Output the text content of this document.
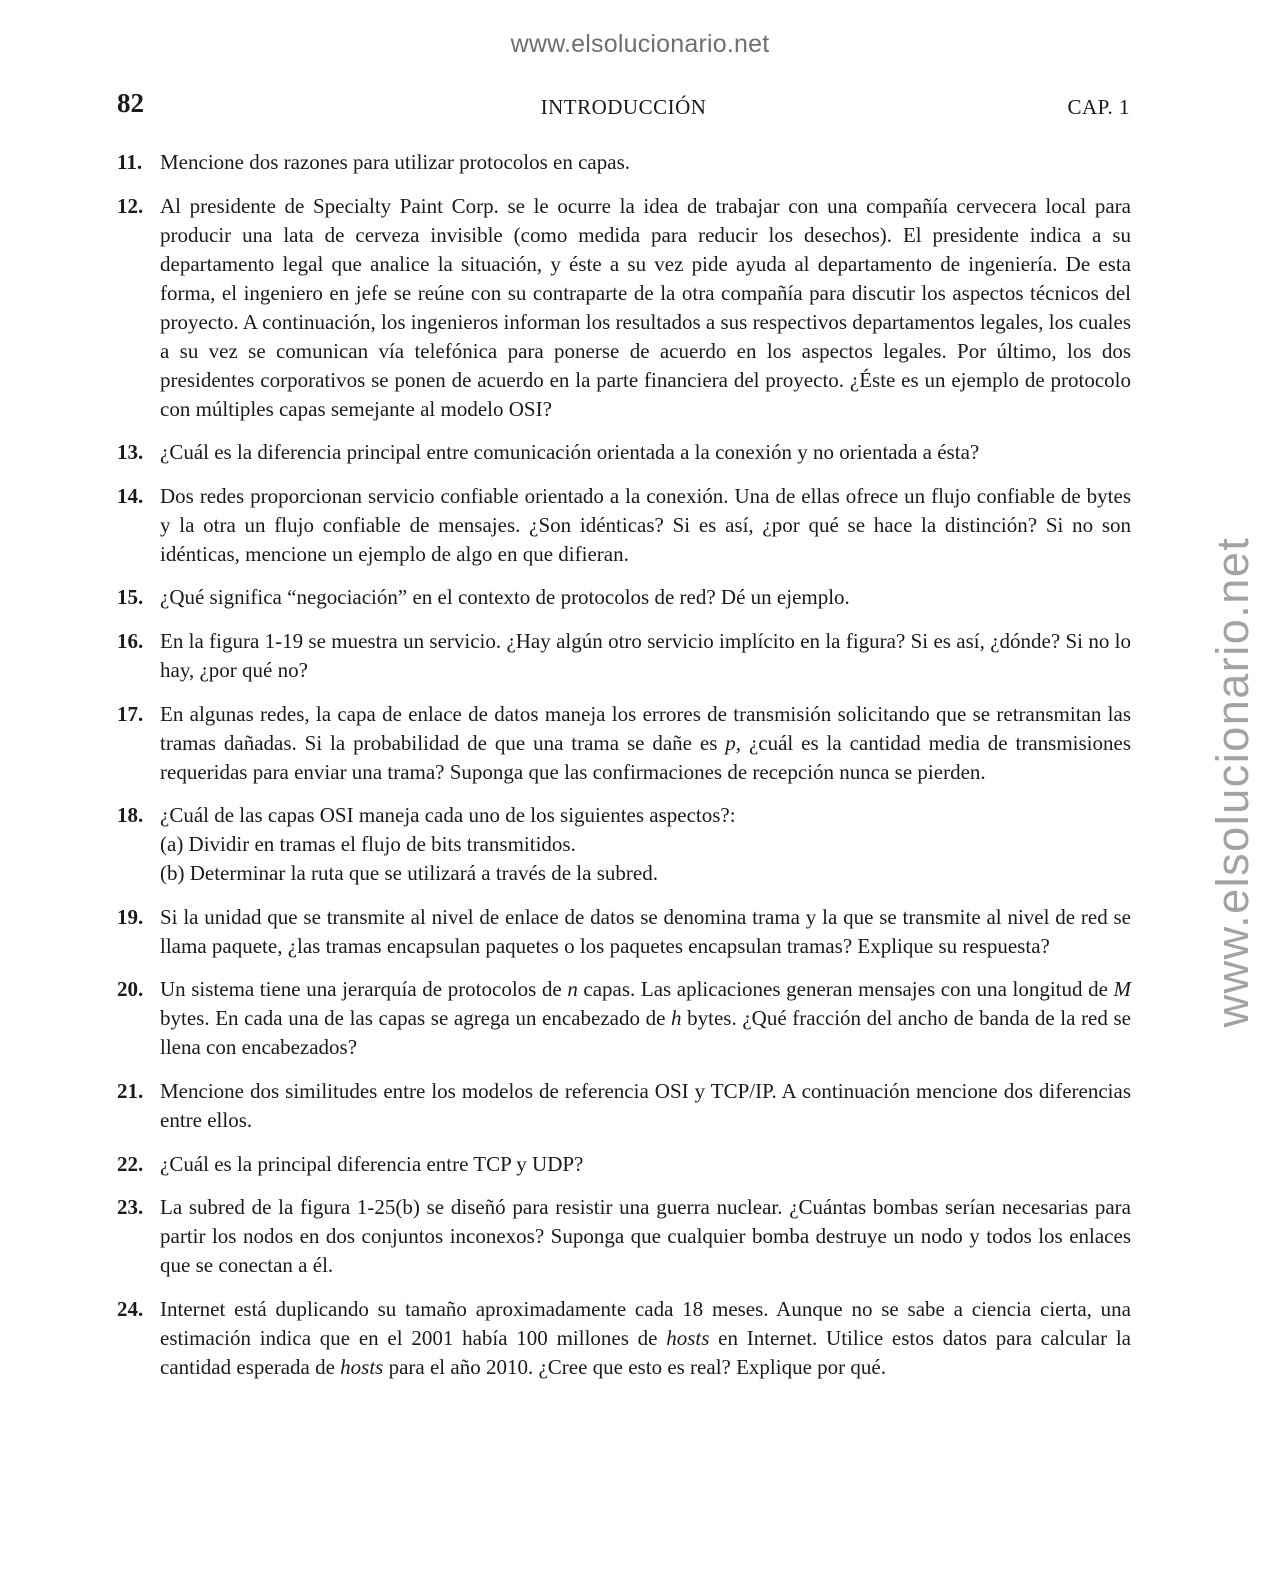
www.elsolucionario.net
www.elsolucionario.net
82	INTRODUCCIÓN	CAP. 1
11. Mencione dos razones para utilizar protocolos en capas.
12. Al presidente de Specialty Paint Corp. se le ocurre la idea de trabajar con una compañía cervecera local para producir una lata de cerveza invisible (como medida para reducir los desechos). El presidente indica a su departamento legal que analice la situación, y éste a su vez pide ayuda al departamento de ingeniería. De esta forma, el ingeniero en jefe se reúne con su contraparte de la otra compañía para discutir los aspectos técnicos del proyecto. A continuación, los ingenieros informan los resultados a sus respectivos departamentos legales, los cuales a su vez se comunican vía telefónica para ponerse de acuerdo en los aspectos legales. Por último, los dos presidentes corporativos se ponen de acuerdo en la parte financiera del proyecto. ¿Éste es un ejemplo de protocolo con múltiples capas semejante al modelo OSI?
13. ¿Cuál es la diferencia principal entre comunicación orientada a la conexión y no orientada a ésta?
14. Dos redes proporcionan servicio confiable orientado a la conexión. Una de ellas ofrece un flujo confiable de bytes y la otra un flujo confiable de mensajes. ¿Son idénticas? Si es así, ¿por qué se hace la distinción? Si no son idénticas, mencione un ejemplo de algo en que difieran.
15. ¿Qué significa “negociación” en el contexto de protocolos de red? Dé un ejemplo.
16. En la figura 1-19 se muestra un servicio. ¿Hay algún otro servicio implícito en la figura? Si es así, ¿dónde? Si no lo hay, ¿por qué no?
17. En algunas redes, la capa de enlace de datos maneja los errores de transmisión solicitando que se retransmitan las tramas dañadas. Si la probabilidad de que una trama se dañe es p, ¿cuál es la cantidad media de transmisiones requeridas para enviar una trama? Suponga que las confirmaciones de recepción nunca se pierden.
18. ¿Cuál de las capas OSI maneja cada uno de los siguientes aspectos?:
(a) Dividir en tramas el flujo de bits transmitidos.
(b) Determinar la ruta que se utilizará a través de la subred.
19. Si la unidad que se transmite al nivel de enlace de datos se denomina trama y la que se transmite al nivel de red se llama paquete, ¿las tramas encapsulan paquetes o los paquetes encapsulan tramas? Explique su respuesta?
20. Un sistema tiene una jerarquía de protocolos de n capas. Las aplicaciones generan mensajes con una longitud de M bytes. En cada una de las capas se agrega un encabezado de h bytes. ¿Qué fracción del ancho de banda de la red se llena con encabezados?
21. Mencione dos similitudes entre los modelos de referencia OSI y TCP/IP. A continuación mencione dos diferencias entre ellos.
22. ¿Cuál es la principal diferencia entre TCP y UDP?
23. La subred de la figura 1-25(b) se diseñó para resistir una guerra nuclear. ¿Cuántas bombas serían necesarias para partir los nodos en dos conjuntos inconexos? Suponga que cualquier bomba destruye un nodo y todos los enlaces que se conectan a él.
24. Internet está duplicando su tamaño aproximadamente cada 18 meses. Aunque no se sabe a ciencia cierta, una estimación indica que en el 2001 había 100 millones de hosts en Internet. Utilice estos datos para calcular la cantidad esperada de hosts para el año 2010. ¿Cree que esto es real? Explique por qué.
